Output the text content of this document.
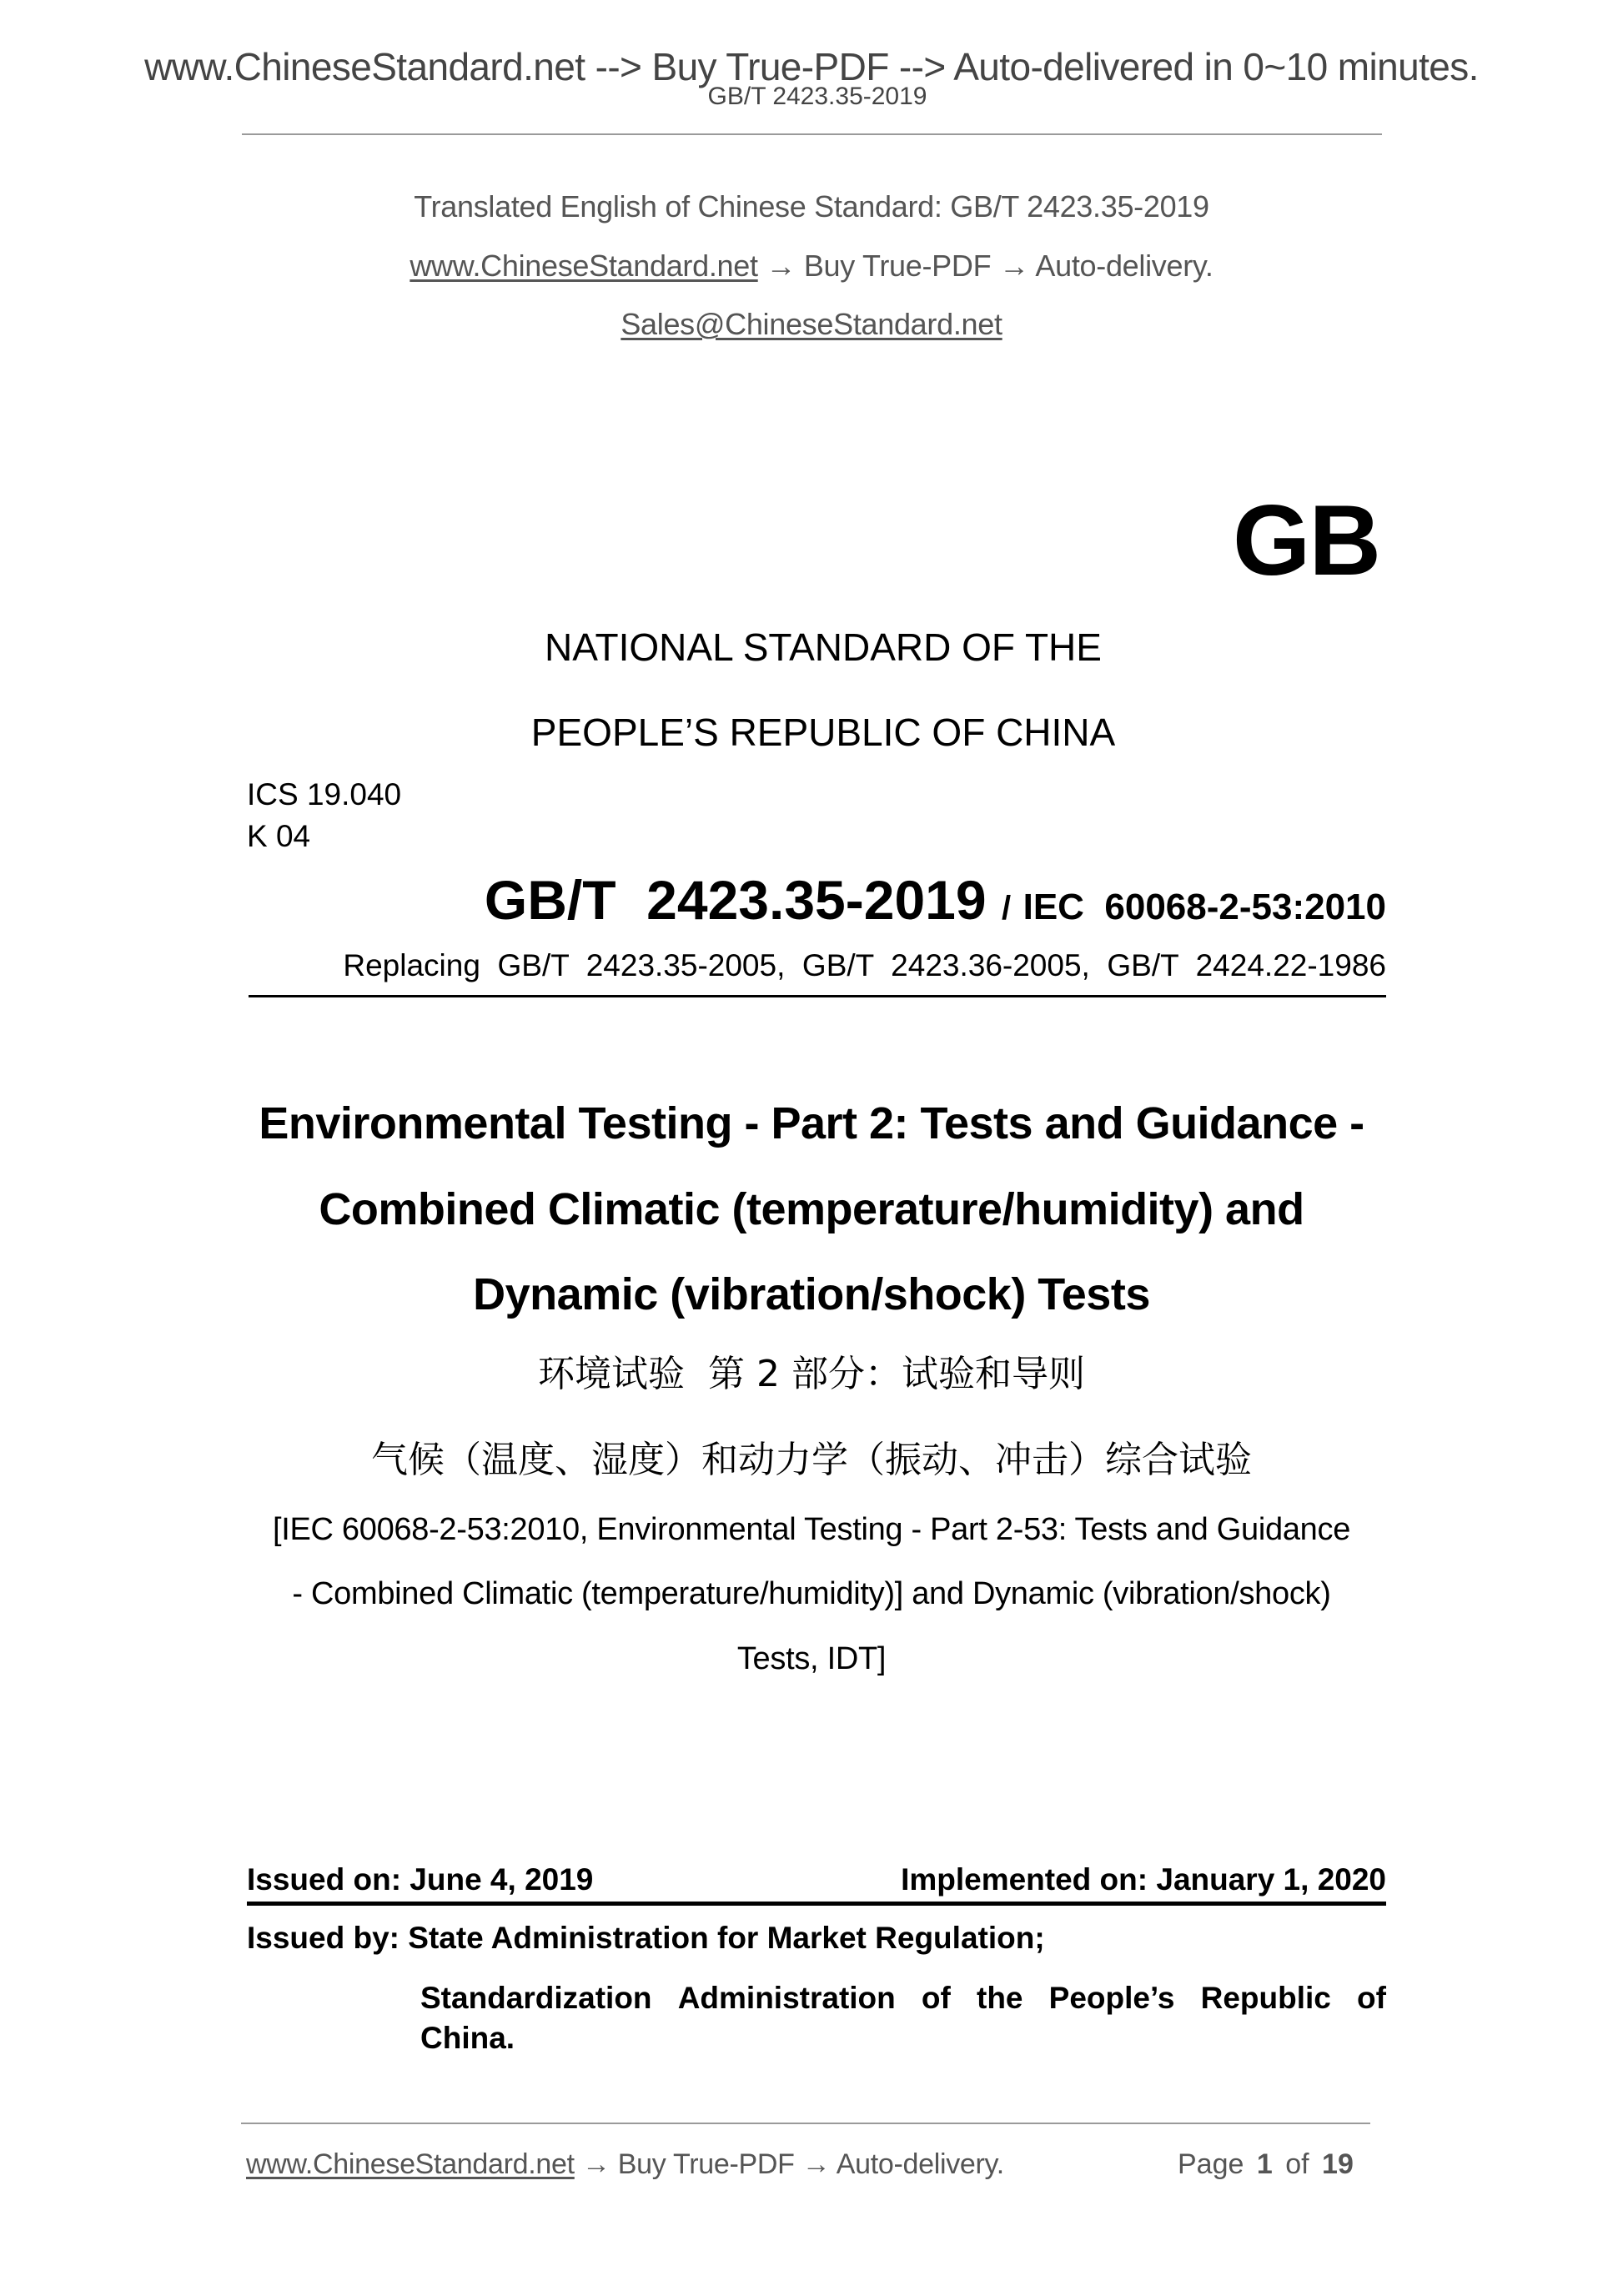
www.ChineseStandard.net --> Buy True-PDF --> Auto-delivered in 0~10 minutes.
GB/T 2423.35-2019
Translated English of Chinese Standard: GB/T 2423.35-2019
www.ChineseStandard.net → Buy True-PDF → Auto-delivery.
Sales@ChineseStandard.net
GB
NATIONAL STANDARD OF THE
PEOPLE’S REPUBLIC OF CHINA
ICS 19.040
K 04
GB/T  2423.35-2019 / IEC  60068-2-53:2010
Replacing  GB/T  2423.35-2005,  GB/T  2423.36-2005,  GB/T  2424.22-1986
Environmental Testing - Part 2: Tests and Guidance -
Combined Climatic (temperature/humidity) and
Dynamic (vibration/shock) Tests
环境试验  第 2 部分：试验和导则
气候（温度、湿度）和动力学（振动、冲击）综合试验
[IEC 60068-2-53:2010, Environmental Testing - Part 2-53: Tests and Guidance
- Combined Climatic (temperature/humidity)] and Dynamic (vibration/shock)
Tests, IDT]
Issued on: June 4, 2019	Implemented on: January 1, 2020
Issued by: State Administration for Market Regulation;
Standardization Administration of the People’s Republic of
China.
www.ChineseStandard.net → Buy True-PDF → Auto-delivery.	Page 1 of 19
